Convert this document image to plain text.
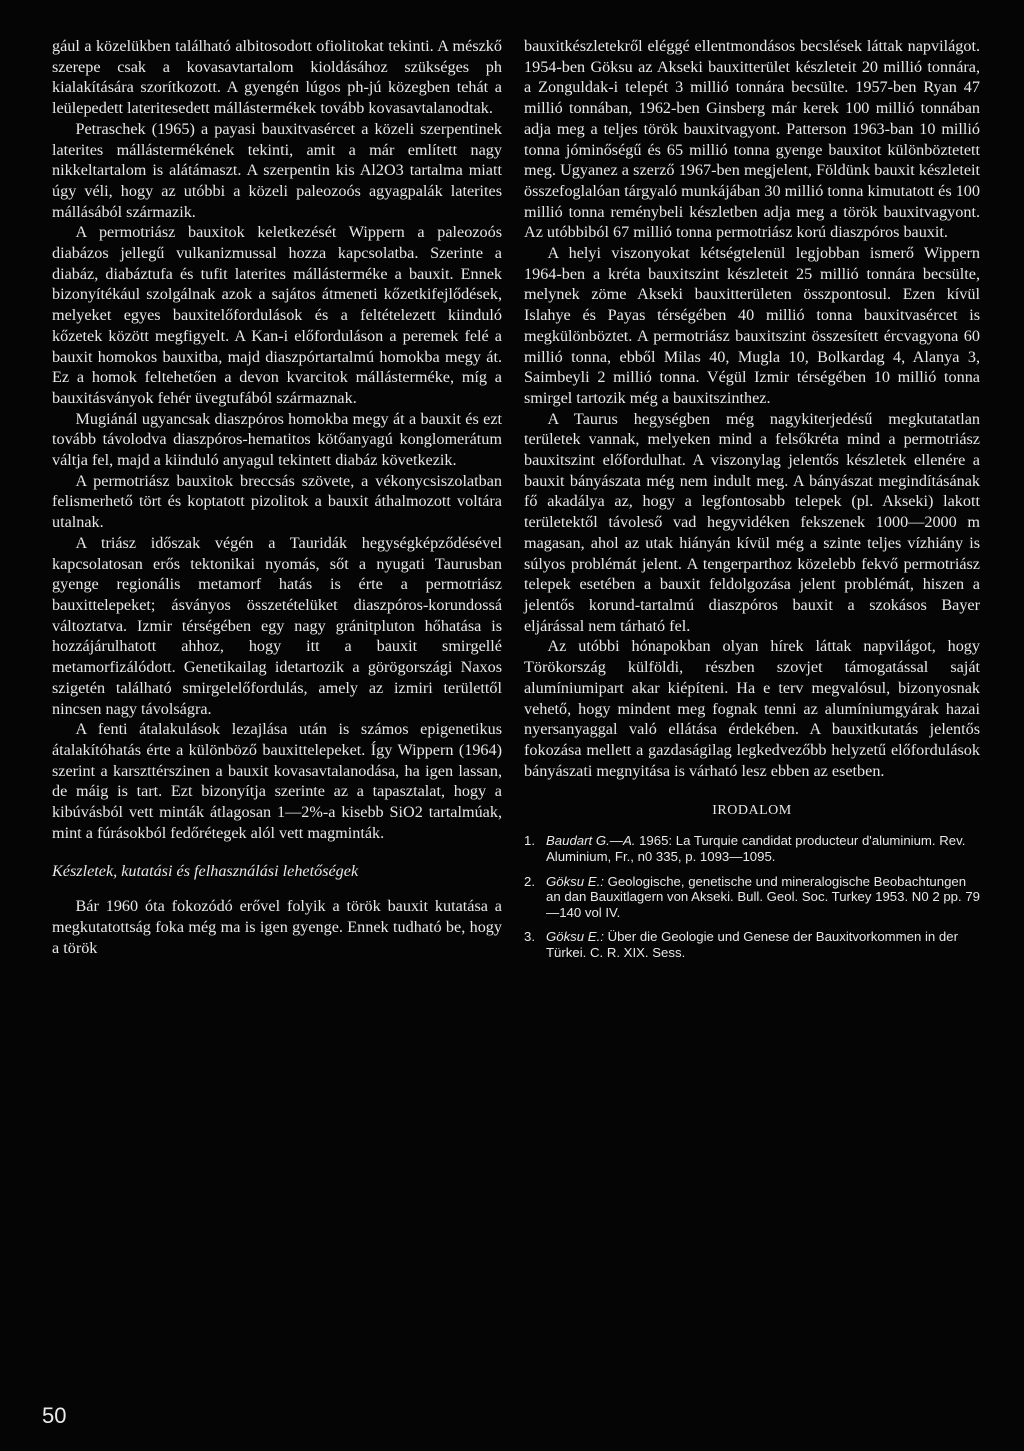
gául a közelükben található albitosodott ofiolitokat tekinti. A mészkő szerepe csak a kovasavtartalom kioldásához szükséges ph kialakítására szorítkozott. A gyengén lúgos ph-jú közegben tehát a leülepedett lateritesedett mállástermékek tovább kovasavtalanodtak.

Petraschek (1965) a payasi bauxitvasércet a közeli szerpentinek laterites mállástermékének tekinti, amit a már említett nagy nikkeltartalom is alátámaszt. A szerpentin kis Al2O3 tartalma miatt úgy véli, hogy az utóbbi a közeli paleozoós agyagpalák laterites mállásából származik.

A permotriász bauxitok keletkezését Wippern a paleozoós diabázos jellegű vulkanizmussal hozza kapcsolatba. Szerinte a diabáz, diabáztufa és tufit laterites mállásterméke a bauxit. Ennek bizonyítékául szolgálnak azok a sajátos átmeneti kőzetkifejlődések, melyeket egyes bauxitelőfordulások és a feltételezett kiinduló kőzetek között megfigyelt. A Kan-i előforduláson a peremek felé a bauxit homokos bauxitba, majd diaszpórtartalmú homokba megy át. Ez a homok feltehetően a devon kvarcitok mállásterméke, míg a bauxitásványok fehér üvegtufából származnak.

Mugiánál ugyancsak diaszpóros homokba megy át a bauxit és ezt tovább távolodva diaszpóros-hematitos kötőanyagú konglomerátum váltja fel, majd a kiinduló anyagul tekintett diabáz következik.

A permotriász bauxitok breccsás szövete, a vékonycsiszolatban felismerhető tört és koptatott pizolitok a bauxit áthalmozott voltára utalnak.

A triász időszak végén a Tauridák hegységképződésével kapcsolatosan erős tektonikai nyomás, sőt a nyugati Taurusban gyenge regionális metamorf hatás is érte a permotriász bauxittelepeket; ásványos összetételüket diaszpóros-korundossá változtatva. Izmir térségében egy nagy gránitpluton hőhatása is hozzájárulhatott ahhoz, hogy itt a bauxit smirgellé metamorfizálódott. Genetikailag idetartozik a görögországi Naxos szigetén található smirgelelőfordulás, amely az izmiri területtől nincsen nagy távolságra.

A fenti átalakulások lezajlása után is számos epigenetikus átalakítóhatás érte a különböző bauxittelepeket. Így Wippern (1964) szerint a karszttérszinen a bauxit kovasavtalanodása, ha igen lassan, de máig is tart. Ezt bizonyítja szerinte az a tapasztalat, hogy a kibúvásból vett minták átlagosan 1—2%-a kisebb SiO2 tartalmúak, mint a fúrásokból fedőrétegek alól vett magminták.

Készletek, kutatási és felhasználási lehetőségek

Bár 1960 óta fokozódó erővel folyik a török bauxit kutatása a megkutatottság foka még ma is igen gyenge. Ennek tudható be, hogy a török

bauxitkészletekről eléggé ellentmondásos becslések láttak napvilágot. 1954-ben Göksu az Akseki bauxitterület készleteit 20 millió tonnára, a Zonguldak-i telepét 3 millió tonnára becsülte. 1957-ben Ryan 47 millió tonnában, 1962-ben Ginsberg már kerek 100 millió tonnában adja meg a teljes török bauxitvagyont. Patterson 1963-ban 10 millió tonna jóminőségű és 65 millió tonna gyenge bauxitot különböztetett meg. Ugyanez a szerző 1967-ben megjelent, Földünk bauxit készleteit összefoglalóan tárgyaló munkájában 30 millió tonna kimutatott és 100 millió tonna reménybeli készletben adja meg a török bauxitvagyont. Az utóbbiból 67 millió tonna permotriász korú diaszpóros bauxit.

A helyi viszonyokat kétségtelenül legjobban ismerő Wippern 1964-ben a kréta bauxitszint készleteit 25 millió tonnára becsülte, melynek zöme Akseki bauxitterületen összpontosul. Ezen kívül Islahye és Payas térségében 40 millió tonna bauxitvasércet is megkülönböztet. A permotriász bauxitszint összesített ércvagyona 60 millió tonna, ebből Milas 40, Mugla 10, Bolkardag 4, Alanya 3, Saimbeyli 2 millió tonna. Végül Izmir térségében 10 millió tonna smirgel tartozik még a bauxitszinthez.

A Taurus hegységben még nagykiterjedésű megkutatatlan területek vannak, melyeken mind a felsőkréta mind a permotriász bauxitszint előfordulhat. A viszonylag jelentős készletek ellenére a bauxit bányászata még nem indult meg. A bányászat megindításának fő akadálya az, hogy a legfontosabb telepek (pl. Akseki) lakott területektől távoleső vad hegyvidéken fekszenek 1000—2000 m magasan, ahol az utak hiányán kívül még a szinte teljes vízhiány is súlyos problémát jelent. A tengerparthoz közelebb fekvő permotriász telepek esetében a bauxit feldolgozása jelent problémát, hiszen a jelentős korund-tartalmú diaszpóros bauxit a szokásos Bayer eljárással nem tárható fel.

Az utóbbi hónapokban olyan hírek láttak napvilágot, hogy Törökország külföldi, részben szovjet támogatással saját alumíniumipart akar kiépíteni. Ha e terv megvalósul, bizonyosnak vehető, hogy mindent meg fognak tenni az alumíniumgyárak hazai nyersanyaggal való ellátása érdekében. A bauxitkutatás jelentős fokozása mellett a gazdaságilag legkedvezőbb helyzetű előfordulások bányászati megnyitása is várható lesz ebben az esetben.

IRODALOM
1. Baudart G.—A. 1965: La Turquie candidat producteur d'aluminium. Rev. Aluminium, Fr., n0 335, p. 1093—1095.
2. Göksu E.: Geologische, genetische und mineralogische Beobachtungen an dan Bauxitlagern von Akseki. Bull. Geol. Soc. Turkey 1953. N0 2 pp. 79—140 vol IV.
3. Göksu E.: Über die Geologie und Genese der Bauxitvorkommen in der Türkei. C. R. XIX. Sess.
50
